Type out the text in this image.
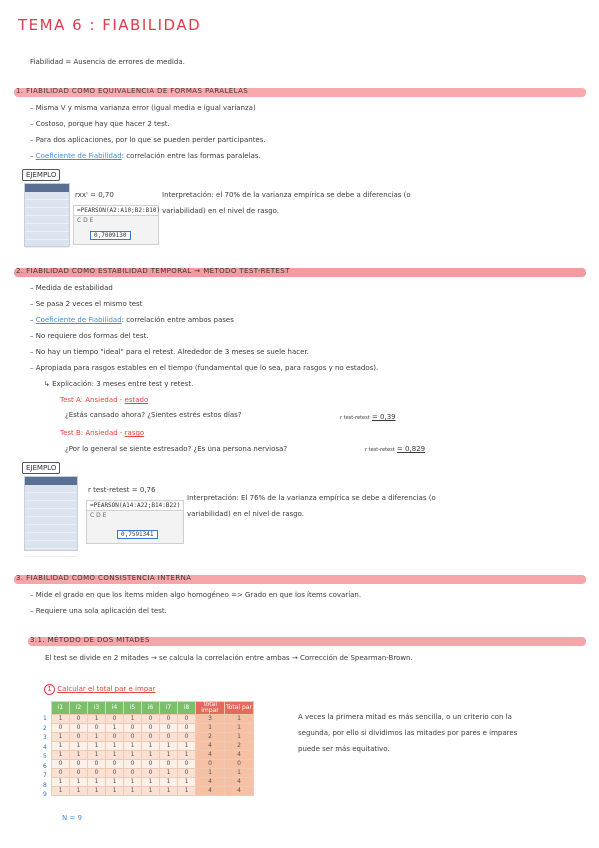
TEMA 6 : FIABILIDAD
Fiabilidad = Ausencia de errores de medida.
1. FIABILIDAD COMO EQUIVALENCIA DE FORMAS PARALELAS
– Misma V y misma varianza error (igual media e igual varianza)
– Costoso, porque hay que hacer 2 test.
– Para dos aplicaciones, por lo que se pueden perder participantes.
– Coeficiente de Fiabilidad: correlación entre las formas paralelas.
EJEMPLO
rxx' = 0,70
=PEARSON(A2:A10;B2:B10)
C D E
0,7009130
Interpretación: el 70% de la varianza empírica se debe a diferencias (o
variabilidad) en el nivel de rasgo.
2. FIABILIDAD COMO ESTABILIDAD TEMPORAL → MÉTODO TEST-RETEST
– Medida de estabilidad
– Se pasa 2 veces el mismo test
– Coeficiente de Fiabilidad: correlación entre ambos pases
– No requiere dos formas del test.
– No hay un tiempo "ideal" para el retest. Alrededor de 3 meses se suele hacer.
– Apropiada para rasgos estables en el tiempo (fundamental que lo sea, para rasgos y no estados).
↳ Explicación: 3 meses entre test y retest.
Test A: Ansiedad - estado
¿Estás cansado ahora? ¿Sientes estrés estos días?	r test-retest = 0,39
Test B: Ansiedad - rasgo
¿Por lo general se siente estresado? ¿Es una persona nerviosa?	r test-retest = 0,829
EJEMPLO
r test-retest = 0,76
=PEARSON(A14:A22;B14:B22)
C D E
0,7591341
Interpretación: El 76% de la varianza empírica se debe a diferencias (o
variabilidad) en el nivel de rasgo.
3. FIABILIDAD COMO CONSISTENCIA INTERNA
– Mide el grado en que los ítems miden algo homogéneo => Grado en que los ítems covarían.
– Requiere una sola aplicación del test.
3.1. MÉTODO DE DOS MITADES
El test se divide en 2 mitades → se calcula la correlación entre ambas → Corrección de Spearman-Brown.
1 Calcular el total par e impar
1
2
3
4
5
6
7
8
9
i1	i2	i3	i4	i5	i6	i7	i8	Total impar	Total par
1	0	1	0	1	0	0	0	3	1
0	0	0	1	0	0	0	0	1	1
1	0	1	0	0	0	0	0	2	1
1	1	1	1	1	1	1	1	4	2
1	1	1	1	1	1	1	1	4	4
0	0	0	0	0	0	0	0	0	0
0	0	0	0	0	0	1	0	1	1
1	1	1	1	1	1	1	1	4	4
1	1	1	1	1	1	1	1	4	4
A veces la primera mitad es más sencilla, o un criterio con la
segunda, por ello si dividimos las mitades por pares e impares
puede ser más equitativo.
N = 9
